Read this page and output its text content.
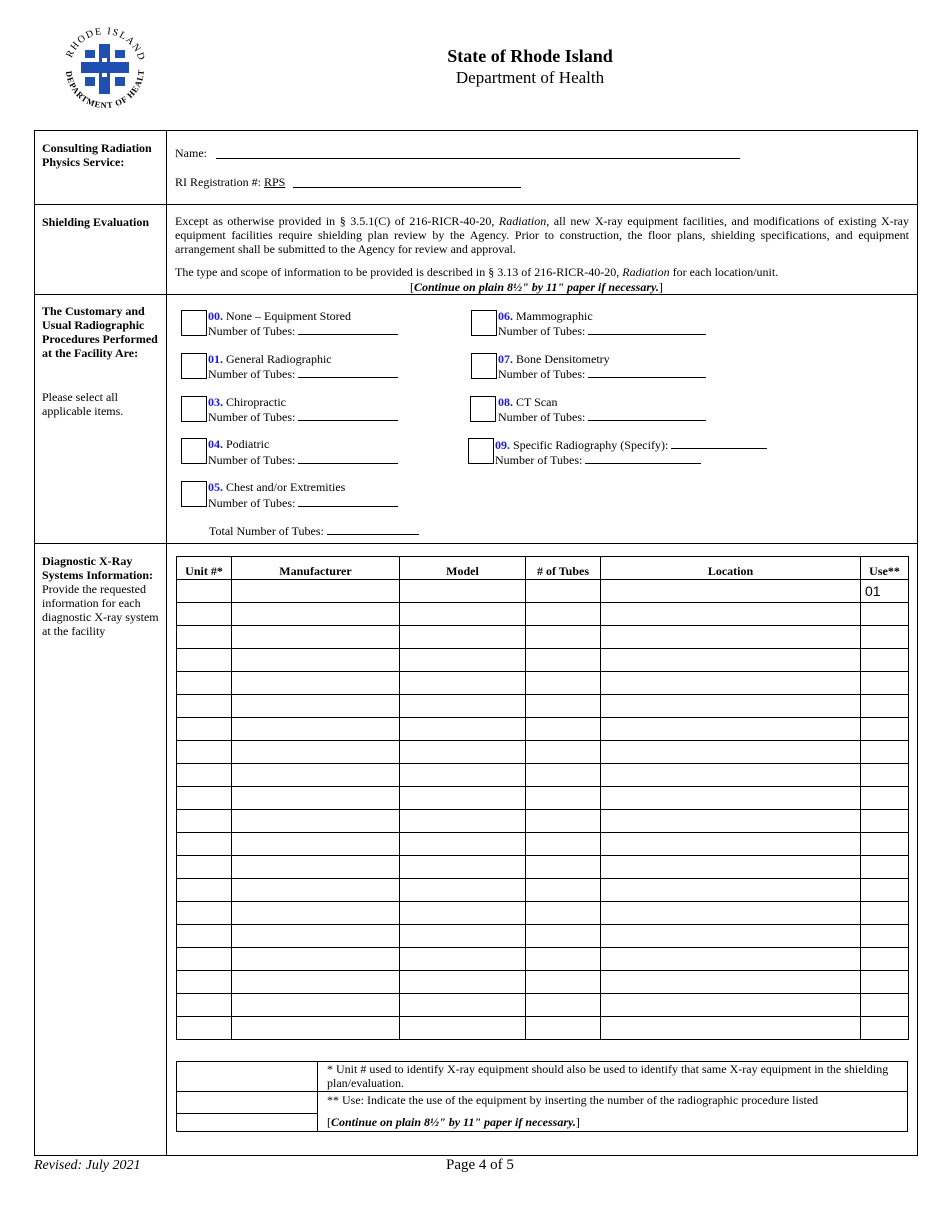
RHODE ISLAND
DEPARTMENT OF HEALT
State of Rhode Island
Department of Health
Consulting Radiation Physics Service:
Name:
RI Registration #: RPS
Shielding Evaluation	Except as otherwise provided in § 3.5.1(C) of 216-RICR-40-20, Radiation, all new X-ray equipment facilities, and modifications of existing X-ray equipment facilities require shielding plan review by the Agency. Prior to construction, the floor plans, shielding specifications, and equipment arrangement shall be submitted to the Agency for review and approval.
The type and scope of information to be provided is described in § 3.13 of 216-RICR-40-20, Radiation for each location/unit.
[Continue on plain 8½" by 11" paper if necessary.]
The Customary and Usual Radiographic Procedures Performed at the Facility Are:
Please select all applicable items.
00. None – Equipment Stored
Number of Tubes:
01. General Radiographic
Number of Tubes:
03. Chiropractic
Number of Tubes:
04. Podiatric
Number of Tubes:
05. Chest and/or Extremities
Number of Tubes:
06. Mammographic
Number of Tubes:
07. Bone Densitometry
Number of Tubes:
08. CT Scan
Number of Tubes:
09. Specific Radiography (Specify):
Number of Tubes:
Total Number of Tubes:
Diagnostic X-Ray Systems Information:
Provide the requested information for each diagnostic X-ray system at the facility
Unit #*	Manufacturer	Model	# of Tubes	Location	Use**
					01

* Unit # used to identify X-ray equipment should also be used to identify that same X-ray equipment in the shielding plan/evaluation.
** Use: Indicate the use of the equipment by inserting the number of the radiographic procedure listed
[Continue on plain 8½" by 11" paper if necessary.]
Revised: July 2021	Page 4 of 5
